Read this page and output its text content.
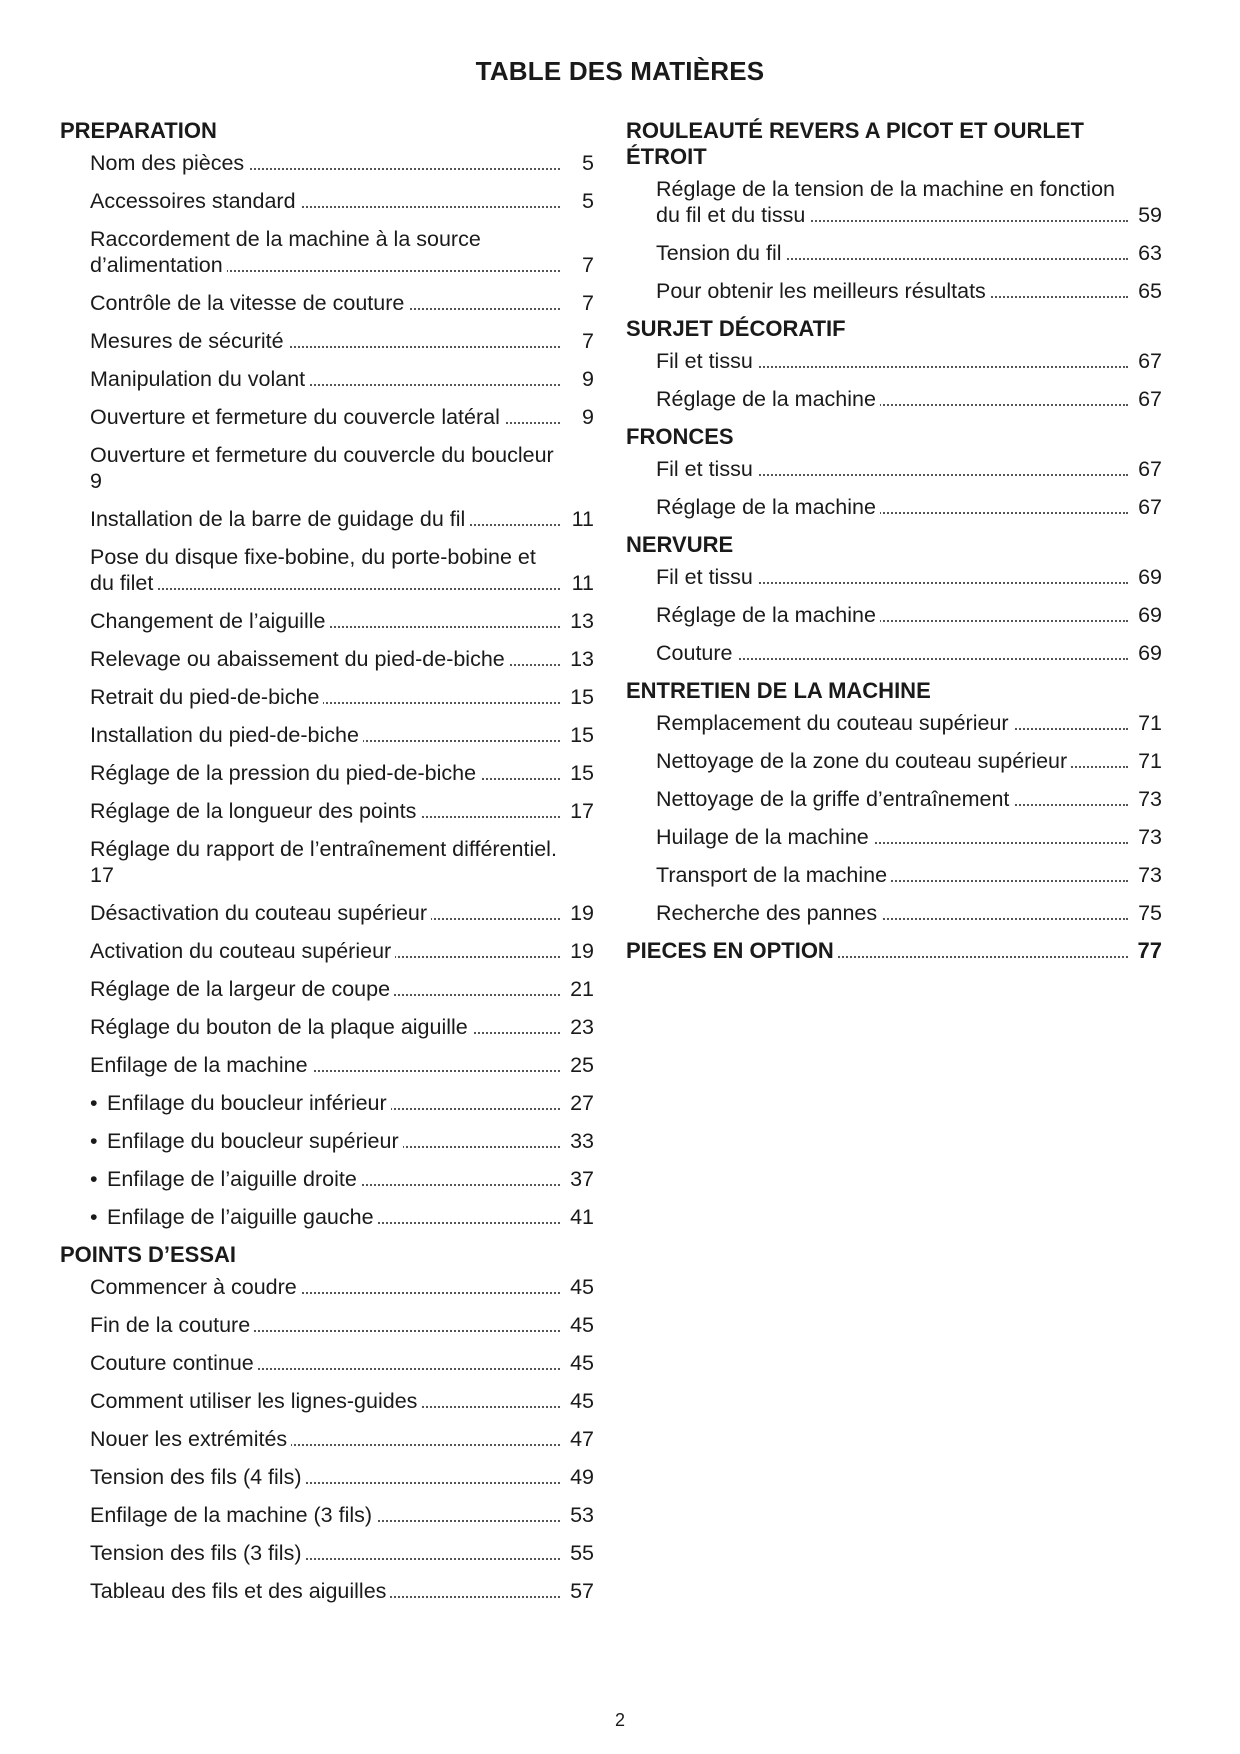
TABLE DES MATIÈRES
PREPARATION
Nom des pièces	5
Accessoires standard	5
Raccordement de la machine à la source d’alimentation	7
Contrôle de la vitesse de couture	7
Mesures de sécurité	7
Manipulation du volant	9
Ouverture et fermeture du couvercle latéral	9
Ouverture et fermeture du couvercle du boucleur 9
Installation de la barre de guidage du fil	11
Pose du disque fixe-bobine, du porte-bobine et du filet	11
Changement de l’aiguille	13
Relevage ou abaissement du pied-de-biche	13
Retrait du pied-de-biche	15
Installation du pied-de-biche	15
Réglage de la pression du pied-de-biche	15
Réglage de la longueur des points	17
Réglage du rapport de l’entraînement différentiel. 17
Désactivation du couteau supérieur	19
Activation du couteau supérieur	19
Réglage de la largeur de coupe	21
Réglage du bouton de la plaque aiguille	23
Enfilage de la machine	25
• Enfilage du boucleur inférieur	27
• Enfilage du boucleur supérieur	33
• Enfilage de l’aiguille droite	37
• Enfilage de l’aiguille gauche	41
POINTS D’ESSAI
Commencer à coudre	45
Fin de la couture	45
Couture continue	45
Comment utiliser les lignes-guides	45
Nouer les extrémités	47
Tension des fils (4 fils)	49
Enfilage de la machine (3 fils)	53
Tension des fils (3 fils)	55
Tableau des fils et des aiguilles	57
ROULEAUTÉ REVERS A PICOT ET OURLET ÉTROIT
Réglage de la tension de la machine en fonction du fil et du tissu	59
Tension du fil	63
Pour obtenir les meilleurs résultats	65
SURJET DÉCORATIF
Fil et tissu	67
Réglage de la machine	67
FRONCES
Fil et tissu	67
Réglage de la machine	67
NERVURE
Fil et tissu	69
Réglage de la machine	69
Couture	69
ENTRETIEN DE LA MACHINE
Remplacement du couteau supérieur	71
Nettoyage de la zone du couteau supérieur	71
Nettoyage de la griffe d’entraînement	73
Huilage de la machine	73
Transport de la machine	73
Recherche des pannes	75
PIECES EN OPTION	77
2
